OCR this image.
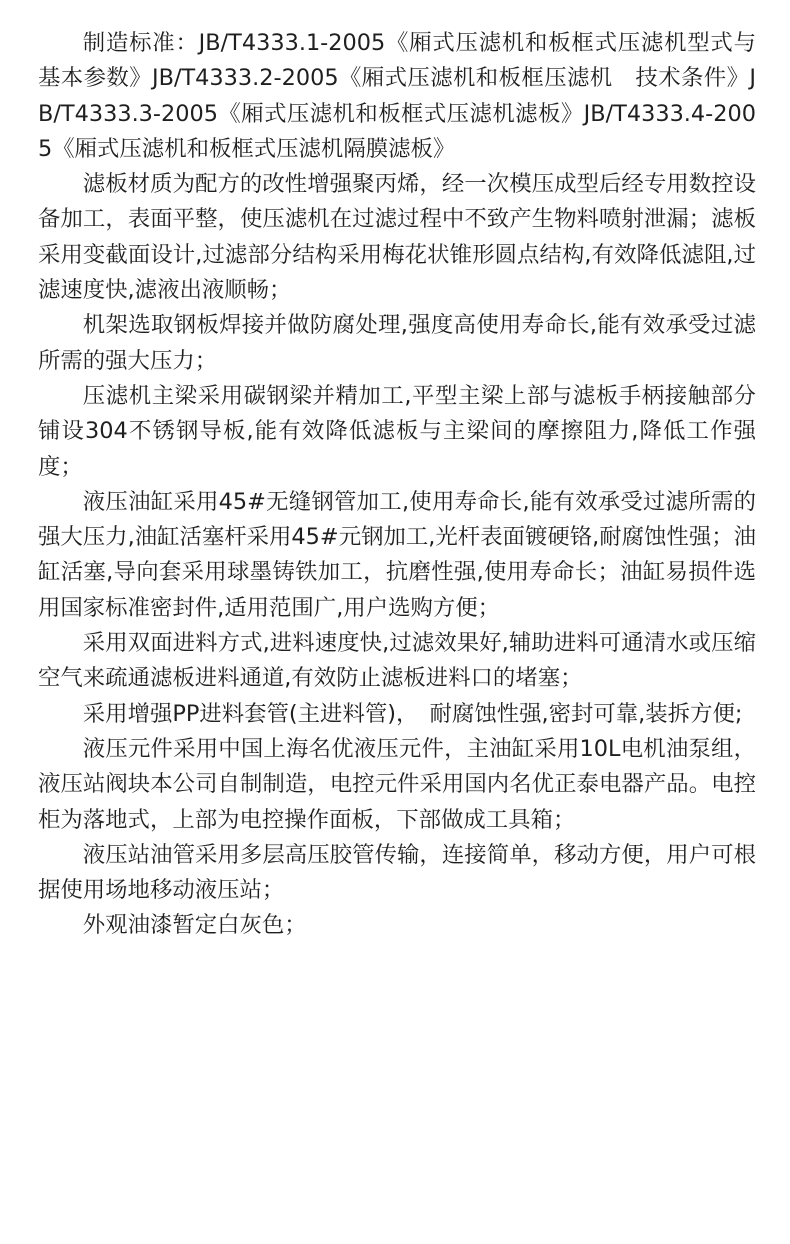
制造标准：JB/T4333.1-2005《厢式压滤机和板框式压滤机型式与基本参数》JB/T4333.2-2005《厢式压滤机和板框压滤机　技术条件》JB/T4333.3-2005《厢式压滤机和板框式压滤机滤板》JB/T4333.4-2005《厢式压滤机和板框式压滤机隔膜滤板》

滤板材质为配方的改性增强聚丙烯，经一次模压成型后经专用数控设备加工，表面平整，使压滤机在过滤过程中不致产生物料喷射泄漏；滤板采用变截面设计,过滤部分结构采用梅花状锥形圆点结构,有效降低滤阻,过滤速度快,滤液出液顺畅；

机架选取钢板焊接并做防腐处理,强度高使用寿命长,能有效承受过滤所需的强大压力；

压滤机主梁采用碳钢梁并精加工,平型主梁上部与滤板手柄接触部分铺设304不锈钢导板,能有效降低滤板与主梁间的摩擦阻力,降低工作强度；

液压油缸采用45#无缝钢管加工,使用寿命长,能有效承受过滤所需的强大压力,油缸活塞杆采用45#元钢加工,光杆表面镀硬铬,耐腐蚀性强；油缸活塞,导向套采用球墨铸铁加工，抗磨性强,使用寿命长；油缸易损件选用国家标准密封件,适用范围广,用户选购方便；

采用双面进料方式,进料速度快,过滤效果好,辅助进料可通清水或压缩空气来疏通滤板进料通道,有效防止滤板进料口的堵塞；

采用增强PP进料套管(主进料管)，　耐腐蚀性强,密封可靠,装拆方便;

液压元件采用中国上海名优液压元件，主油缸采用10L电机油泵组，液压站阀块本公司自制制造，电控元件采用国内名优正泰电器产品。电控柜为落地式，上部为电控操作面板，下部做成工具箱；

液压站油管采用多层高压胶管传输，连接简单，移动方便，用户可根据使用场地移动液压站；

外观油漆暂定白灰色；
